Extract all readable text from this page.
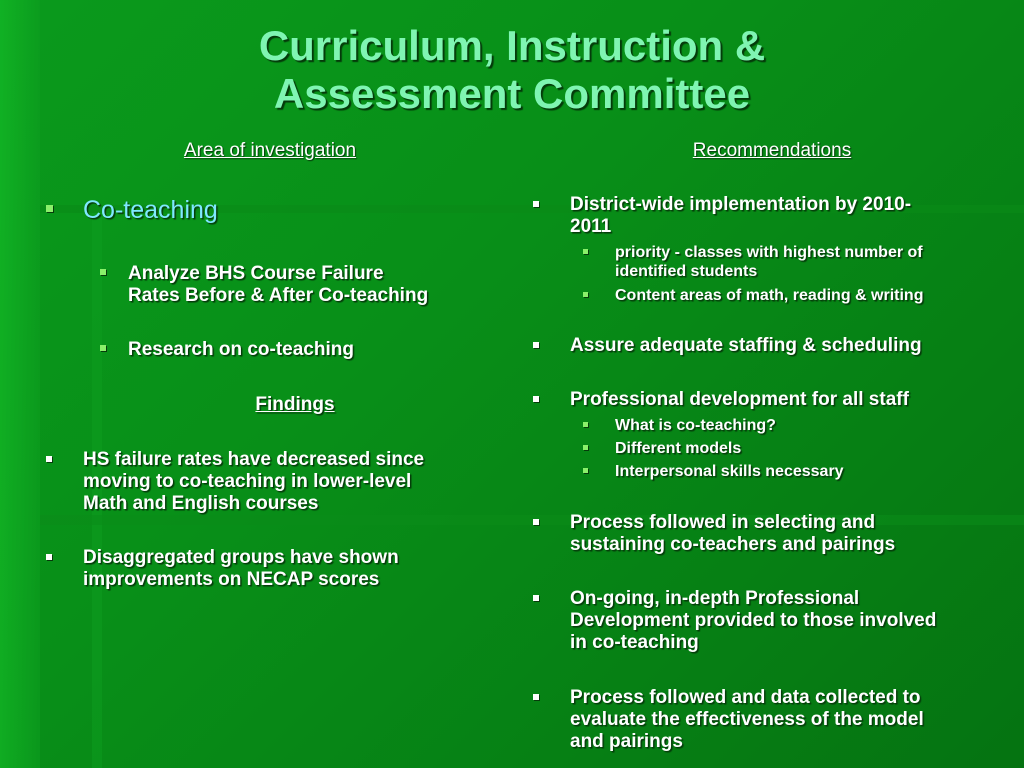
Curriculum, Instruction &
Assessment Committee
Area of investigation	Recommendations
Co-teaching
Analyze BHS Course Failure
Rates Before & After Co-teaching
Research on co-teaching
Findings
HS failure rates have decreased since
moving to co-teaching in lower-level
Math and English courses
Disaggregated groups have shown
improvements on NECAP scores
District-wide implementation by 2010-
2011
priority - classes with highest number of
identified students
Content areas of math, reading & writing
Assure adequate staffing & scheduling
Professional development for all staff
What is co-teaching?
Different models
Interpersonal skills necessary
Process followed in selecting and
sustaining co-teachers and pairings
On-going, in-depth Professional
Development provided to those involved
in co-teaching
Process followed and data collected to
evaluate the effectiveness of the model
and pairings
